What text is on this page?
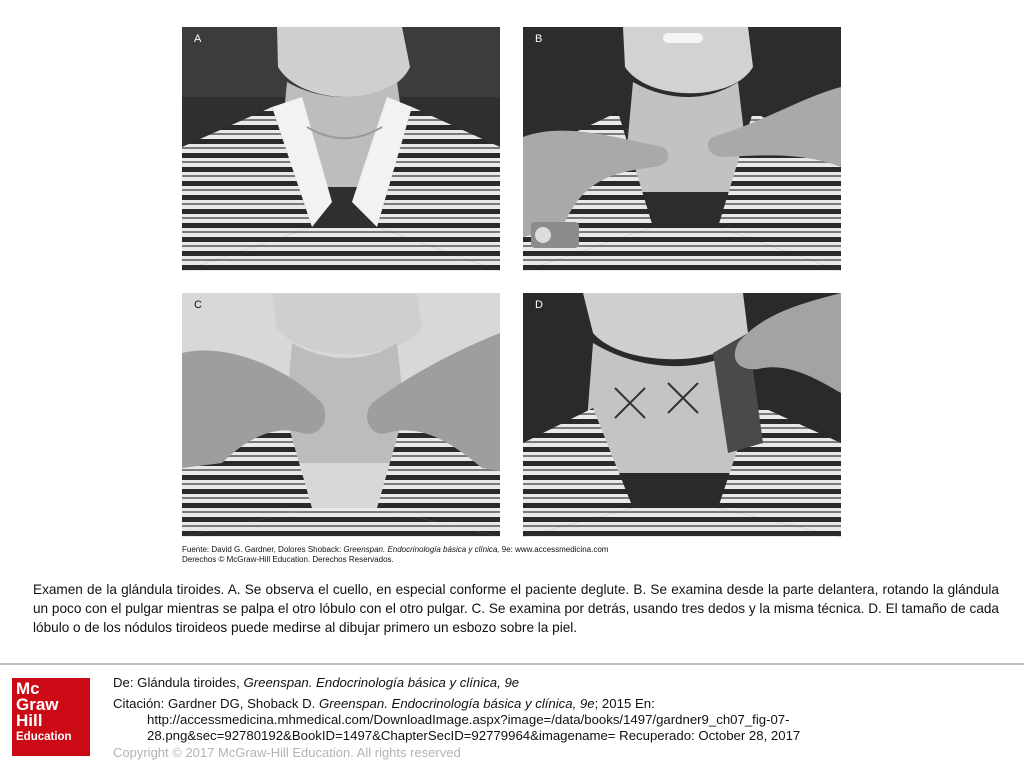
A	B
C	D
Fuente: David G. Gardner, Dolores Shoback: Greenspan. Endocrinología básica y clínica, 9e: www.accessmedicina.com
Derechos © McGraw-Hill Education. Derechos Reservados.
Examen de la glándula tiroides. A. Se observa el cuello, en especial conforme el paciente deglute. B. Se examina desde la parte delantera, rotando la glándula un poco con el pulgar mientras se palpa el otro lóbulo con el otro pulgar. C. Se examina por detrás, usando tres dedos y la misma técnica. D. El tamaño de cada lóbulo o de los nódulos tiroideos puede medirse al dibujar primero un esbozo sobre la piel.
Mc
Graw
Hill
Education
De: Glándula tiroides, Greenspan. Endocrinología básica y clínica, 9e
Citación: Gardner DG, Shoback D. Greenspan. Endocrinología básica y clínica, 9e; 2015 En:
http://accessmedicina.mhmedical.com/DownloadImage.aspx?image=/data/books/1497/gardner9_ch07_fig-07-
28.png&sec=92780192&BookID=1497&ChapterSecID=92779964&imagename= Recuperado: October 28, 2017
Copyright © 2017 McGraw-Hill Education. All rights reserved
